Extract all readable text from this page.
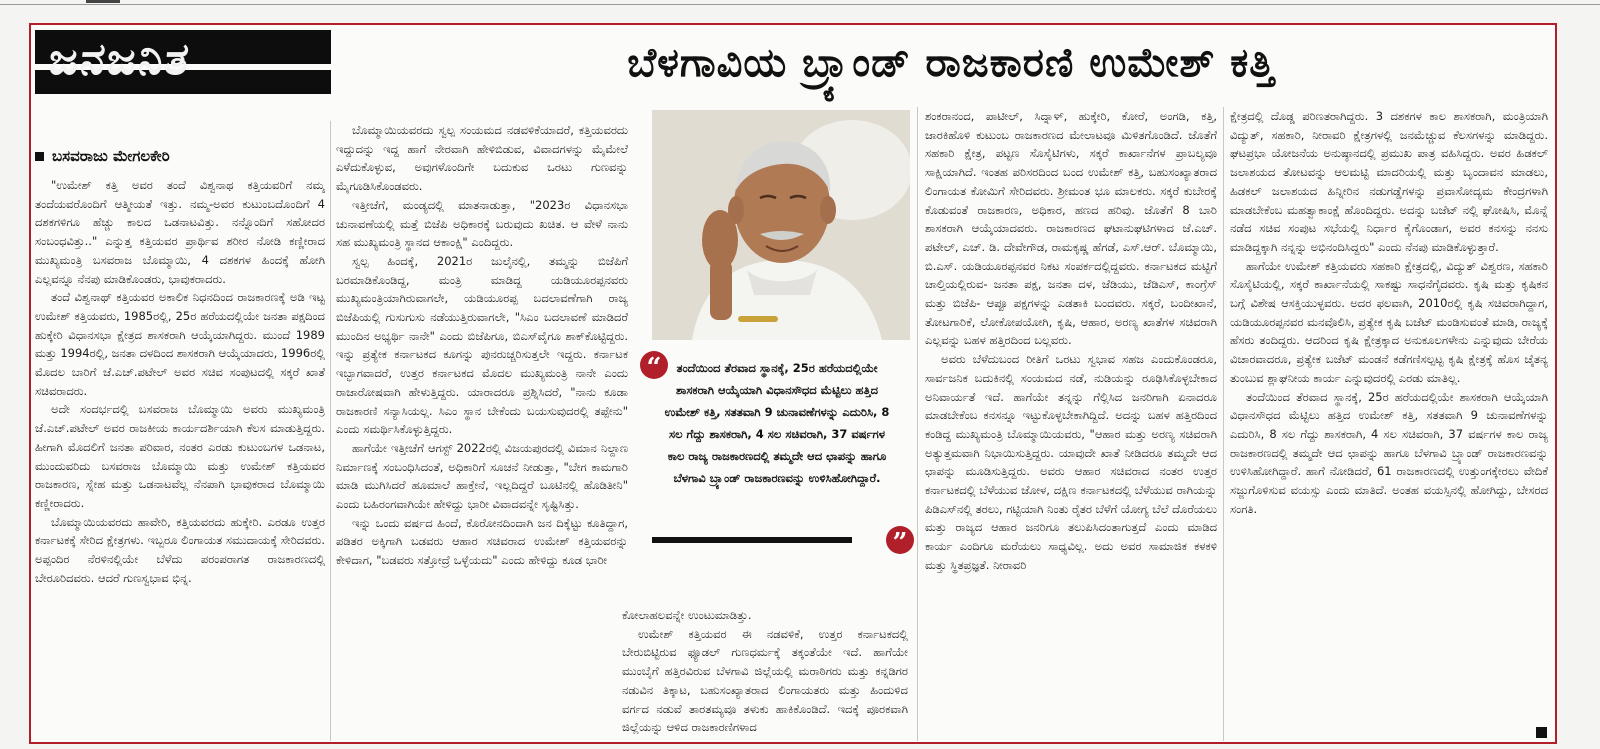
ಜನಜನಿತ	ಬೆಳಗಾವಿಯ ಬ್ರ್ಯಾಂಡ್ ರಾಜಕಾರಣಿ ಉಮೇಶ್ ಕತ್ತಿ
ಬಸವರಾಜು ಮೇಗಲಕೇರಿ

"ಉಮೇಶ್ ಕತ್ತಿ ಅವರ ತಂದೆ ವಿಶ್ವನಾಥ ಕತ್ತಿಯವರಿಗೆ ನಮ್ಮ ತಂದೆಯವರೊಂದಿಗೆ ಆತ್ಮೀಯತೆ ಇತ್ತು. ನಮ್ಮ-ಅವರ ಕುಟುಂಬದೊಂದಿಗೆ 4 ದಶಕಗಳಿಗೂ ಹೆಚ್ಚು ಕಾಲದ ಒಡನಾಟವಿತ್ತು. ನನ್ನೊಂದಿಗೆ ಸಹೋದರ ಸಂಬಂಧವಿತ್ತು.." ಎನ್ನುತ್ತ ಕತ್ತಿಯವರ ಪ್ರಾರ್ಥಿವ ಶರೀರ ನೋಡಿ ಕಣ್ಣೀರಾದ ಮುಖ್ಯಮಂತ್ರಿ ಬಸವರಾಜ ಬೊಮ್ಮಾಯಿ, 4 ದಶಕಗಳ ಹಿಂದಕ್ಕೆ ಹೋಗಿ ಎಲ್ಲವನ್ನೂ ನೆನಪು ಮಾಡಿಕೊಂಡರು, ಭಾವುಕರಾದರು.

ತಂದೆ ವಿಶ್ವನಾಥ್ ಕತ್ತಿಯವರ ಅಕಾಲಿಕ ನಿಧನದಿಂದ ರಾಜಕಾರಣಕ್ಕೆ ಅಡಿ ಇಟ್ಟ ಉಮೇಶ್ ಕತ್ತಿಯವರು, 1985ರಲ್ಲಿ, 25ರ ಹರೆಯದಲ್ಲಿಯೇ ಜನತಾ ಪಕ್ಷದಿಂದ ಹುಕ್ಕೇರಿ ವಿಧಾನಸಭಾ ಕ್ಷೇತ್ರದ ಶಾಸಕರಾಗಿ ಆಯ್ಕೆಯಾಗಿದ್ದರು. ಮುಂದೆ 1989 ಮತ್ತು 1994ರಲ್ಲಿ, ಜನತಾ ದಳದಿಂದ ಶಾಸಕರಾಗಿ ಆಯ್ಕೆಯಾದರು, 1996ರಲ್ಲಿ ಮೊದಲ ಬಾರಿಗೆ ಜೆ.ಎಚ್.ಪಟೇಲ್ ಅವರ ಸಚಿವ ಸಂಪುಟದಲ್ಲಿ ಸಕ್ಕರೆ ಖಾತೆ ಸಚಿವರಾದರು.

ಅದೇ ಸಂದರ್ಭದಲ್ಲಿ ಬಸವರಾಜ ಬೊಮ್ಮಾಯಿ ಅವರು ಮುಖ್ಯಮಂತ್ರಿ ಜೆ.ಎಚ್.ಪಟೇಲ್ ಅವರ ರಾಜಕೀಯ ಕಾರ್ಯದರ್ಶಿಯಾಗಿ ಕೆಲಸ ಮಾಡುತ್ತಿದ್ದರು. ಹೀಗಾಗಿ ಮೊದಲಿಗೆ ಜನತಾ ಪರಿವಾರ, ನಂತರ ಎರಡು ಕುಟುಂಬಗಳ ಒಡನಾಟ, ಮುಂದುವರಿದು ಬಸವರಾಜ ಬೊಮ್ಮಾಯಿ ಮತ್ತು ಉಮೇಶ್ ಕತ್ತಿಯವರ ರಾಜಕಾರಣ, ಸ್ನೇಹ ಮತ್ತು ಒಡನಾಟವೆಲ್ಲ ನೆನಪಾಗಿ ಭಾವುಕರಾದ ಬೊಮ್ಮಾಯಿ ಕಣ್ಣೀರಾದರು.

ಬೊಮ್ಮಾಯಿಯವರದು ಹಾವೇರಿ, ಕತ್ತಿಯವರದು ಹುಕ್ಕೇರಿ. ಎರಡೂ ಉತ್ತರ ಕರ್ನಾಟಕಕ್ಕೆ ಸೇರಿದ ಕ್ಷೇತ್ರಗಳು. ಇಬ್ಬರೂ ಲಿಂಗಾಯತ ಸಮುದಾಯಕ್ಕೆ ಸೇರಿದವರು. ಅಪ್ಪಂದಿರ ನೆರಳಿನಲ್ಲಿಯೇ ಬೆಳೆದು ಪರಂಪರಾಗತ ರಾಜಕಾರಣದಲ್ಲಿ ಬೇರೂರಿದವರು. ಆದರೆ ಗುಣಸ್ವಭಾವ ಭಿನ್ನ.

ಬೊಮ್ಮಾಯಿಯವರದು ಸ್ವಲ್ಪ ಸಂಯಮದ ನಡವಳಿಕೆಯಾದರೆ, ಕತ್ತಿಯವರದು ಇದ್ದುದನ್ನು ಇದ್ದ ಹಾಗೆ ನೇರವಾಗಿ ಹೇಳಿಬಿಡುವ, ವಿವಾದಗಳನ್ನು ಮೈಮೇಲೆ ಎಳೆದುಕೊಳ್ಳುವ, ಅವುಗಳೊಂದಿಗೇ ಬದುಕುವ ಒರಟು ಗುಣವನ್ನು ಮೈಗೂಡಿಸಿಕೊಂಡವರು.

ಇತ್ತೀಚೆಗೆ, ಮಂಡ್ಯದಲ್ಲಿ ಮಾತನಾಡುತ್ತಾ, "2023ರ ವಿಧಾನಸಭಾ ಚುನಾವಣೆಯಲ್ಲಿ ಮತ್ತೆ ಬಿಜೆಪಿ ಅಧಿಕಾರಕ್ಕೆ ಬರುವುದು ಖಚಿತ. ಆ ವೇಳೆ ನಾನು ಸಹ ಮುಖ್ಯಮಂತ್ರಿ ಸ್ಥಾನದ ಆಕಾಂಕ್ಷಿ" ಎಂದಿದ್ದರು.

ಸ್ವಲ್ಪ ಹಿಂದಕ್ಕೆ, 2021ರ ಜುಲೈನಲ್ಲಿ, ತಮ್ಮನ್ನು ಬಿಜೆಪಿಗೆ ಬರಮಾಡಿಕೊಂಡಿದ್ದ, ಮಂತ್ರಿ ಮಾಡಿದ್ದ ಯಡಿಯೂರಪ್ಪನವರು ಮುಖ್ಯಮಂತ್ರಿಯಾಗಿರುವಾಗಲೇ, ಯಡಿಯೂರಪ್ಪ ಬದಲಾವಣೆಗಾಗಿ ರಾಜ್ಯ ಬಿಜೆಪಿಯಲ್ಲಿ ಗುಸುಗುಸು ನಡೆಯುತ್ತಿರುವಾಗಲೇ, "ಸಿಎಂ ಬದಲಾವಣೆ ಮಾಡಿದರೆ ಮುಂದಿನ ಅಭ್ಯರ್ಥಿ ನಾನೇ" ಎಂದು ಬಿಜೆಪಿಗೂ, ಬಿಎಸ್‌ವೈಗೂ ಶಾಕ್‌ಕೊಟ್ಟಿದ್ದರು. ಇನ್ನು ಪ್ರತ್ಯೇಕ ಕರ್ನಾಟಕದ ಕೂಗನ್ನು ಪುನರುಚ್ಚರಿಸುತ್ತಲೇ ಇದ್ದರು. ಕರ್ನಾಟಕ ಇಬ್ಭಾಗವಾದರೆ, ಉತ್ತರ ಕರ್ನಾಟಕದ ಮೊದಲ ಮುಖ್ಯಮಂತ್ರಿ ನಾನೇ ಎಂದು ರಾಜಾರೋಷವಾಗಿ ಹೇಳುತ್ತಿದ್ದರು. ಯಾರಾದರೂ ಪ್ರಶ್ನಿಸಿದರೆ, "ನಾನು ಕೂಡಾ ರಾಜಕಾರಣಿ ಸನ್ಯಾಸಿಯಲ್ಲ. ಸಿಎಂ ಸ್ಥಾನ ಬೇಕೆಂದು ಬಯಸುವುದರಲ್ಲಿ ತಪ್ಪೇನು" ಎಂದು ಸಮರ್ಥಿಸಿಕೊಳ್ಳುತ್ತಿದ್ದರು.

ಹಾಗೆಯೇ ಇತ್ತೀಚೆಗೆ ಆಗಸ್ಟ್ 2022ರಲ್ಲಿ ವಿಜಯಪುರದಲ್ಲಿ ವಿಮಾನ ನಿಲ್ದಾಣ ನಿರ್ಮಾಣಕ್ಕೆ ಸಂಬಂಧಿಸಿದಂತೆ, ಅಧಿಕಾರಿಗೆ ಸೂಚನೆ ನೀಡುತ್ತಾ, "ಬೇಗ ಕಾಮಗಾರಿ ಮಾಡಿ ಮುಗಿಸಿದರೆ ಹೂಮಾಲೆ ಹಾಕ್ತೇನೆ, ಇಲ್ಲದಿದ್ದರೆ ಬೂಟಿನಲ್ಲಿ ಹೊಡಿತೀನಿ" ಎಂದು ಬಹಿರಂಗವಾಗಿಯೇ ಹೇಳಿದ್ದು ಭಾರೀ ವಿವಾದವನ್ನೇ ಸೃಷ್ಟಿಸಿತ್ತು.

ಇನ್ನು ಒಂದು ವರ್ಷದ ಹಿಂದೆ, ಕೊರೋನದಿಂದಾಗಿ ಜನ ದಿಕ್ಕೆಟ್ಟು ಕೂತಿದ್ದಾಗ, ಪಡಿತರ ಅಕ್ಕಿಗಾಗಿ ಬಡವರು ಆಹಾರ ಸಚಿವರಾದ ಉಮೇಶ್ ಕತ್ತಿಯವರನ್ನು ಕೇಳಿದಾಗ, "ಬಡವರು ಸತ್ತೋದ್ರೆ ಒಳ್ಳೆಯದು" ಎಂದು ಹೇಳಿದ್ದು ಕೂಡ ಭಾರೀ

“	ತಂದೆಯಿಂದ ತೆರವಾದ ಸ್ಥಾನಕ್ಕೆ, 25ರ ಹರೆಯದಲ್ಲಿಯೇ ಶಾಸಕರಾಗಿ ಆಯ್ಕೆಯಾಗಿ ವಿಧಾನಸೌಧದ ಮೆಟ್ಟಿಲು ಹತ್ತಿದ ಉಮೇಶ್ ಕತ್ತಿ, ಸತತವಾಗಿ 9 ಚುನಾವಣೆಗಳನ್ನು ಎದುರಿಸಿ, 8 ಸಲ ಗೆದ್ದು ಶಾಸಕರಾಗಿ, 4 ಸಲ ಸಚಿವರಾಗಿ, 37 ವರ್ಷಗಳ ಕಾಲ ರಾಜ್ಯ ರಾಜಕಾರಣದಲ್ಲಿ ತಮ್ಮದೇ ಆದ ಛಾಪನ್ನು ಹಾಗೂ ಬೆಳಗಾವಿ ಬ್ರ್ಯಾಂಡ್ ರಾಜಕಾರಣವನ್ನು ಉಳಿಸಿಹೋಗಿದ್ದಾರೆ.
”

ಕೋಲಾಹಲವನ್ನೇ ಉಂಟುಮಾಡಿತ್ತು.

ಉಮೇಶ್ ಕತ್ತಿಯವರ ಈ ನಡವಳಿಕೆ, ಉತ್ತರ ಕರ್ನಾಟಕದಲ್ಲಿ ಬೇರುಬಿಟ್ಟಿರುವ ಫ್ಯೂಡಲ್ ಗುಣಧರ್ಮಕ್ಕೆ ತಕ್ಕಂತೆಯೇ ಇದೆ. ಹಾಗೆಯೇ ಮುಂಬೈಗೆ ಹತ್ತಿರವಿರುವ ಬೆಳಗಾವಿ ಜಿಲ್ಲೆಯಲ್ಲಿ ಮರಾಠಿಗರು ಮತ್ತು ಕನ್ನಡಿಗರ ನಡುವಿನ ತಿಕ್ಕಾಟ, ಬಹುಸಂಖ್ಯಾತರಾದ ಲಿಂಗಾಯತರು ಮತ್ತು ಹಿಂದುಳಿದ ವರ್ಗದ ನಡುವೆ ತಾರತಮ್ಯವೂ ತಳುಕು ಹಾಕಿಕೊಂಡಿದೆ. ಇದಕ್ಕೆ ಪೂರಕವಾಗಿ ಜಿಲ್ಲೆಯನ್ನು ಆಳಿದ ರಾಜಕಾರಣಿಗಳಾದ

ಶಂಕರಾನಂದ, ಪಾಟೀಲ್, ಸಿದ್ನಾಳ್, ಹುಕ್ಕೇರಿ, ಕೋರೆ, ಅಂಗಡಿ, ಕತ್ತಿ, ಜಾರಕಿಹೊಳಿ ಕುಟುಂಬ ರಾಜಕಾರಣದ ಮೇಲಾಟವೂ ಮಿಳಿತಗೊಂಡಿದೆ. ಜೊತೆಗೆ ಸಹಕಾರಿ ಕ್ಷೇತ್ರ, ಪಟ್ಟಣ ಸೊಸೈಟಿಗಳು, ಸಕ್ಕರೆ ಕಾರ್ಖಾನೆಗಳ ಪ್ರಾಬಲ್ಯವೂ ಸಾಕ್ಷಿಯಾಗಿದೆ. ಇಂತಹ ಪರಿಸರದಿಂದ ಬಂದ ಉಮೇಶ್ ಕತ್ತಿ, ಬಹುಸಂಖ್ಯಾತರಾದ ಲಿಂಗಾಯತ ಕೋಮಿಗೆ ಸೇರಿದವರು. ಶ್ರೀಮಂತ ಭೂ ಮಾಲಕರು. ಸಕ್ಕರೆ ಕುಬೇರಕ್ಕೆ ಕೊಡುವಂತೆ ರಾಜಕಾರಣ, ಅಧಿಕಾರ, ಹಣದ ಹರಿವು. ಜೊತೆಗೆ 8 ಬಾರಿ ಶಾಸಕರಾಗಿ ಆಯ್ಕೆಯಾದವರು. ರಾಜಕಾರಣದ ಘಟಾನುಘಟಿಗಳಾದ ಜೆ.ಎಚ್. ಪಟೇಲ್, ಎಚ್. ಡಿ. ದೇವೇಗೌಡ, ರಾಮಕೃಷ್ಣ ಹೆಗಡೆ, ಎಸ್.ಆರ್. ಬೊಮ್ಮಾಯಿ, ಬಿ.ಎಸ್. ಯಡಿಯೂರಪ್ಪನವರ ನಿಕಟ ಸಂಪರ್ಕದಲ್ಲಿದ್ದವರು. ಕರ್ನಾಟಕದ ಮಟ್ಟಿಗೆ ಚಾಲ್ತಿಯಲ್ಲಿರುವ- ಜನತಾ ಪಕ್ಷ, ಜನತಾ ದಳ, ಜೆಡಿಯು, ಜೆಡಿಎಸ್, ಕಾಂಗ್ರೆಸ್ ಮತ್ತು ಬಿಜೆಪಿ- ಆಪ್ಪೂ ಪಕ್ಷಗಳನ್ನು ಎಡತಾಕಿ ಬಂದವರು. ಸಕ್ಕರೆ, ಬಂದೀಖಾನೆ, ತೋಟಗಾರಿಕೆ, ಲೋಕೋಪಯೋಗಿ, ಕೃಷಿ, ಆಹಾರ, ಅರಣ್ಯ ಖಾತೆಗಳ ಸಚಿವರಾಗಿ ಎಲ್ಲವನ್ನು ಬಹಳ ಹತ್ತಿರದಿಂದ ಬಲ್ಲವರು.

ಅವರು ಬೆಳೆದುಬಂದ ರೀತಿಗೆ ಒರಟು ಸ್ವಭಾವ ಸಹಜ ಎಂದುಕೊಂಡರೂ, ಸಾರ್ವಜನಿಕ ಬದುಕಿನಲ್ಲಿ ಸಂಯಮದ ನಡೆ, ನುಡಿಯನ್ನು ರೂಢಿಸಿಕೊಳ್ಳಬೇಕಾದ ಅನಿವಾರ್ಯತೆ ಇದೆ. ಹಾಗೆಯೇ ತನ್ನನ್ನು ಗೆಲ್ಲಿಸಿದ ಜನರಿಗಾಗಿ ಏನಾದರೂ ಮಾಡಬೇಕೆಂಬ ಕನಸನ್ನೂ ಇಟ್ಟುಕೊಳ್ಳಬೇಕಾಗಿದ್ದಿದೆ. ಅದನ್ನು ಬಹಳ ಹತ್ತಿರದಿಂದ ಕಂಡಿದ್ದ ಮುಖ್ಯಮಂತ್ರಿ ಬೊಮ್ಮಾಯಿಯವರು, "ಆಹಾರ ಮತ್ತು ಅರಣ್ಯ ಸಚಿವರಾಗಿ ಅತ್ಯುತ್ತಮವಾಗಿ ನಿಭಾಯಿಸುತ್ತಿದ್ದರು. ಯಾವುದೇ ಖಾತೆ ನೀಡಿದರೂ ತಮ್ಮದೇ ಆದ ಛಾಪನ್ನು ಮೂಡಿಸುತ್ತಿದ್ದರು. ಅವರು ಆಹಾರ ಸಚಿವರಾದ ನಂತರ ಉತ್ತರ ಕರ್ನಾಟಕದಲ್ಲಿ ಬೆಳೆಯುವ ಜೋಳ, ದಕ್ಷಿಣ ಕರ್ನಾಟಕದಲ್ಲಿ ಬೆಳೆಯುವ ರಾಗಿಯನ್ನು ಪಿಡಿಎಸ್‌ನಲ್ಲಿ ತರಲು, ಗಟ್ಟಿಯಾಗಿ ನಿಂತು ರೈತರ ಬೆಳೆಗೆ ಯೋಗ್ಯ ಬೆಲೆ ದೊರೆಯಲು ಮತ್ತು ರಾಜ್ಯದ ಆಹಾರ ಜನರಿಗೂ ತಲುಪಿಸಿದಂತಾಗುತ್ತದೆ ಎಂದು ಮಾಡಿದ ಕಾರ್ಯ ಎಂದಿಗೂ ಮರೆಯಲು ಸಾಧ್ಯವಿಲ್ಲ. ಅದು ಅವರ ಸಾಮಾಜಿಕ ಕಳಕಳಿ ಮತ್ತು ಸ್ಥಿತಪ್ರಜ್ಞತೆ. ನೀರಾವರಿ

ಕ್ಷೇತ್ರದಲ್ಲಿ ದೊಡ್ಡ ಪರಿಣತರಾಗಿದ್ದರು. 3 ದಶಕಗಳ ಕಾಲ ಶಾಸಕರಾಗಿ, ಮಂತ್ರಿಯಾಗಿ ವಿದ್ಯುತ್, ಸಹಕಾರಿ, ನೀರಾವರಿ ಕ್ಷೇತ್ರಗಳಲ್ಲಿ ಜನಮೆಚ್ಚುವ ಕೆಲಸಗಳನ್ನು ಮಾಡಿದ್ದರು. ಘಟಪ್ರಭಾ ಯೋಜನೆಯ ಅನುಷ್ಠಾನದಲ್ಲಿ ಪ್ರಮುಖ ಪಾತ್ರ ವಹಿಸಿದ್ದರು. ಅವರ ಹಿಡಕಲ್ ಜಲಾಶಯದ ತೋಟವನ್ನು ಆಲಮಟ್ಟಿ ಮಾದರಿಯಲ್ಲಿ ಮತ್ತು ಬೃಂದಾವನ ಮಾಡಲು, ಹಿಡಕಲ್ ಜಲಾಶಯದ ಹಿನ್ನೀರಿನ ನಡುಗಡ್ಡೆಗಳನ್ನು ಪ್ರವಾಸೋದ್ಯಮ ಕೇಂದ್ರಗಳಾಗಿ ಮಾಡಬೇಕೆಂಬ ಮಹತ್ವಾಕಾಂಕ್ಷೆ ಹೊಂದಿದ್ದರು. ಅದನ್ನು ಬಜೆಟ್ ನಲ್ಲಿ ಘೋಷಿಸಿ, ಮೊನ್ನೆ ನಡೆದ ಸಚಿವ ಸಂಪುಟ ಸಭೆಯಲ್ಲಿ ನಿರ್ಧಾರ ಕೈಗೊಂಡಾಗ, ಅವರ ಕನಸನ್ನು ನನಸು ಮಾಡಿದ್ದಕ್ಕಾಗಿ ನನ್ನನ್ನು ಅಭಿನಂದಿಸಿದ್ದರು" ಎಂದು ನೆನಪು ಮಾಡಿಕೊಳ್ಳುತ್ತಾರೆ.

ಹಾಗೆಯೇ ಉಮೇಶ್ ಕತ್ತಿಯವರು ಸಹಕಾರಿ ಕ್ಷೇತ್ರದಲ್ಲಿ, ವಿದ್ಯುತ್ ವಿಶ್ವರಣ, ಸಹಕಾರಿ ಸೊಸೈಟಿಯಲ್ಲಿ, ಸಕ್ಕರೆ ಕಾರ್ಖಾನೆಯಲ್ಲಿ ಸಾಕಷ್ಟು ಸಾಧನೆಗೈದವರು. ಕೃಷಿ ಮತ್ತು ಕೃಷಿಕನ ಬಗ್ಗೆ ವಿಶೇಷ ಆಸಕ್ತಿಯುಳ್ಳವರು. ಅದರ ಫಲವಾಗಿ, 2010ರಲ್ಲಿ ಕೃಷಿ ಸಚಿವರಾಗಿದ್ದಾಗ, ಯಡಿಯೂರಪ್ಪನವರ ಮನವೊಲಿಸಿ, ಪ್ರತ್ಯೇಕ ಕೃಷಿ ಬಜೆಟ್ ಮಂಡಿಸುವಂತೆ ಮಾಡಿ, ರಾಜ್ಯಕ್ಕೆ ಹೆಸರು ತಂದಿದ್ದರು. ಆದರಿಂದ ಕೃಷಿ ಕ್ಷೇತ್ರಕ್ಕಾದ ಅನುಕೂಲಗಳೇನು ಎನ್ನುವುದು ಬೇರೆಯ ವಿಚಾರವಾದರೂ, ಪ್ರತ್ಯೇಕ ಬಜೆಟ್ ಮಂಡನೆ ಕಡೆಗಣಿಸಲ್ಪಟ್ಟ ಕೃಷಿ ಕ್ಷೇತ್ರಕ್ಕೆ ಹೊಸ ಚೈತನ್ಯ ತುಂಬುವ ಶ್ಲಾಘನೀಯ ಕಾರ್ಯ ಎನ್ನುವುದರಲ್ಲಿ ಎರಡು ಮಾತಿಲ್ಲ.

ತಂದೆಯಿಂದ ತೆರವಾದ ಸ್ಥಾನಕ್ಕೆ, 25ರ ಹರೆಯದಲ್ಲಿಯೇ ಶಾಸಕರಾಗಿ ಆಯ್ಕೆಯಾಗಿ ವಿಧಾನಸೌಧದ ಮೆಟ್ಟಿಲು ಹತ್ತಿದ ಉಮೇಶ್ ಕತ್ತಿ, ಸತತವಾಗಿ 9 ಚುನಾವಣೆಗಳನ್ನು ಎದುರಿಸಿ, 8 ಸಲ ಗೆದ್ದು ಶಾಸಕರಾಗಿ, 4 ಸಲ ಸಚಿವರಾಗಿ, 37 ವರ್ಷಗಳ ಕಾಲ ರಾಜ್ಯ ರಾಜಕಾರಣದಲ್ಲಿ ತಮ್ಮದೇ ಆದ ಛಾಪನ್ನು ಹಾಗೂ ಬೆಳಗಾವಿ ಬ್ರ್ಯಾಂಡ್ ರಾಜಕಾರಣವನ್ನು ಉಳಿಸಿಹೋಗಿದ್ದಾರೆ. ಹಾಗೆ ನೋಡಿದರೆ, 61 ರಾಜಕಾರಣದಲ್ಲಿ ಉತ್ತುಂಗಕ್ಕೇರಲು ವೇದಿಕೆ ಸಜ್ಜುಗೊಳಿಸುವ ವಯಸ್ಸು ಎಂದು ಮಾತಿದೆ. ಅಂತಹ ವಯಸ್ಸಿನಲ್ಲಿ ಹೋಗಿದ್ದು, ಬೇಸರದ ಸಂಗತಿ.
